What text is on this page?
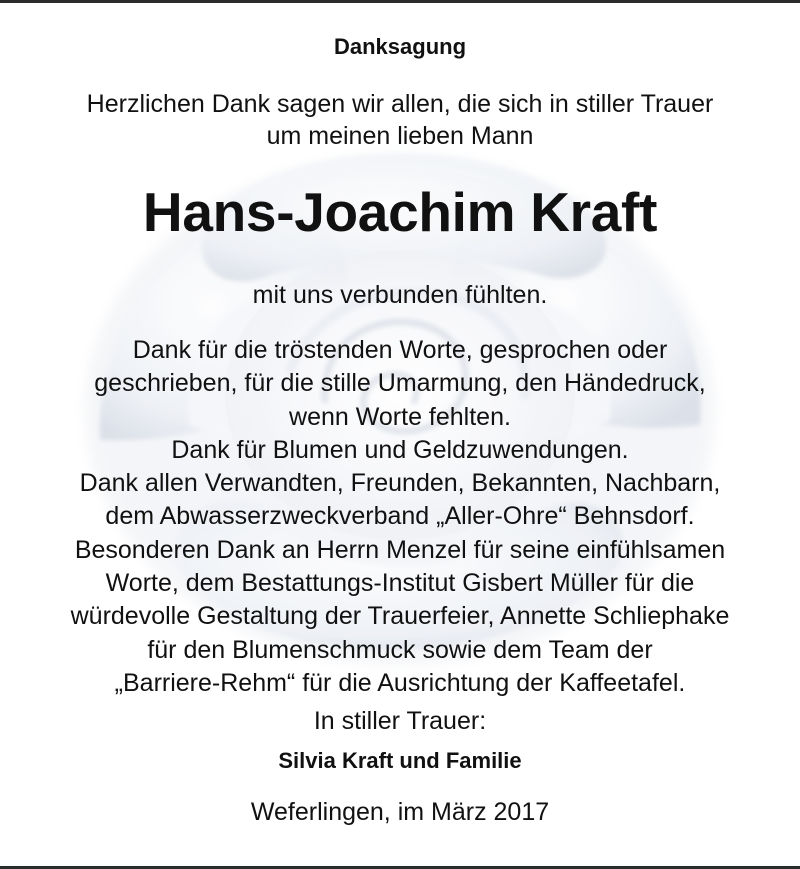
Danksagung
Herzlichen Dank sagen wir allen, die sich in stiller Trauer
um meinen lieben Mann
Hans-Joachim Kraft
mit uns verbunden fühlten.
Dank für die tröstenden Worte, gesprochen oder
geschrieben, für die stille Umarmung, den Händedruck,
wenn Worte fehlten.
Dank für Blumen und Geldzuwendungen.
Dank allen Verwandten, Freunden, Bekannten, Nachbarn,
dem Abwasserzweckverband „Aller-Ohre“ Behnsdorf.
Besonderen Dank an Herrn Menzel für seine einfühlsamen
Worte, dem Bestattungs-Institut Gisbert Müller für die
würdevolle Gestaltung der Trauerfeier, Annette Schliephake
für den Blumenschmuck sowie dem Team der
„Barriere-Rehm“ für die Ausrichtung der Kaffeetafel.
In stiller Trauer:
Silvia Kraft und Familie
Weferlingen, im März 2017
